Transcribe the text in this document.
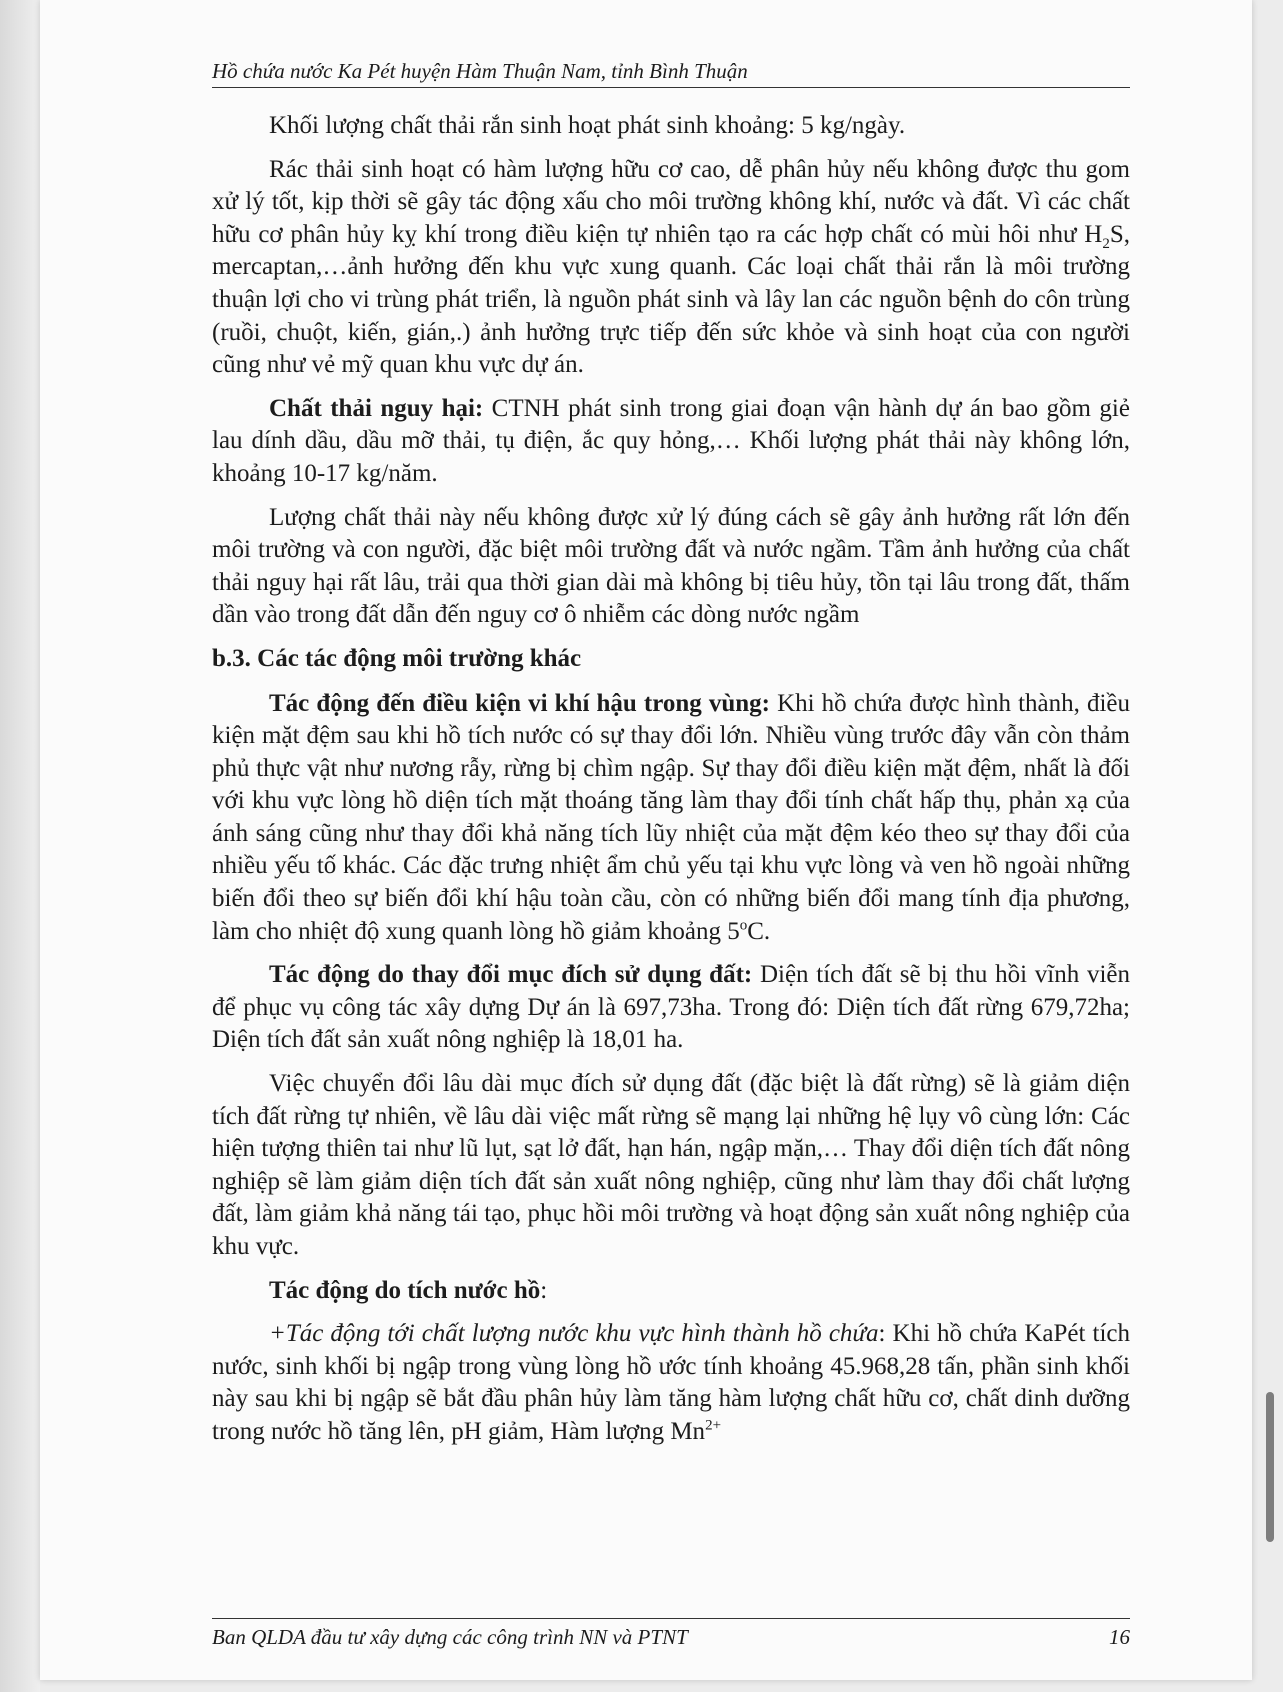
Hồ chứa nước Ka Pét huyện Hàm Thuận Nam, tỉnh Bình Thuận

Khối lượng chất thải rắn sinh hoạt phát sinh khoảng: 5 kg/ngày.

Rác thải sinh hoạt có hàm lượng hữu cơ cao, dễ phân hủy nếu không được thu gom xử lý tốt, kịp thời sẽ gây tác động xấu cho môi trường không khí, nước và đất. Vì các chất hữu cơ phân hủy kỵ khí trong điều kiện tự nhiên tạo ra các hợp chất có mùi hôi như $H_2S$, mercaptan,…ảnh hưởng đến khu vực xung quanh. Các loại chất thải rắn là môi trường thuận lợi cho vi trùng phát triển, là nguồn phát sinh và lây lan các nguồn bệnh do côn trùng (ruồi, chuột, kiến, gián,.) ảnh hưởng trực tiếp đến sức khỏe và sinh hoạt của con người cũng như vẻ mỹ quan khu vực dự án.

Chất thải nguy hại: CTNH phát sinh trong giai đoạn vận hành dự án bao gồm giẻ lau dính dầu, dầu mỡ thải, tụ điện, ắc quy hỏng,… Khối lượng phát thải này không lớn, khoảng 10-17 kg/năm.

Lượng chất thải này nếu không được xử lý đúng cách sẽ gây ảnh hưởng rất lớn đến môi trường và con người, đặc biệt môi trường đất và nước ngầm. Tầm ảnh hưởng của chất thải nguy hại rất lâu, trải qua thời gian dài mà không bị tiêu hủy, tồn tại lâu trong đất, thấm dần vào trong đất dẫn đến nguy cơ ô nhiễm các dòng nước ngầm

b.3. Các tác động môi trường khác

Tác động đến điều kiện vi khí hậu trong vùng: Khi hồ chứa được hình thành, điều kiện mặt đệm sau khi hồ tích nước có sự thay đổi lớn. Nhiều vùng trước đây vẫn còn thảm phủ thực vật như nương rẫy, rừng bị chìm ngập. Sự thay đổi điều kiện mặt đệm, nhất là đối với khu vực lòng hồ diện tích mặt thoáng tăng làm thay đổi tính chất hấp thụ, phản xạ của ánh sáng cũng như thay đổi khả năng tích lũy nhiệt của mặt đệm kéo theo sự thay đổi của nhiều yếu tố khác. Các đặc trưng nhiệt ẩm chủ yếu tại khu vực lòng và ven hồ ngoài những biến đổi theo sự biến đổi khí hậu toàn cầu, còn có những biến đổi mang tính địa phương, làm cho nhiệt độ xung quanh lòng hồ giảm khoảng 5$^o$C.

Tác động do thay đổi mục đích sử dụng đất: Diện tích đất sẽ bị thu hồi vĩnh viễn để phục vụ công tác xây dựng Dự án là 697,73ha. Trong đó: Diện tích đất rừng 679,72ha; Diện tích đất sản xuất nông nghiệp là 18,01 ha.

Việc chuyển đổi lâu dài mục đích sử dụng đất (đặc biệt là đất rừng) sẽ là giảm diện tích đất rừng tự nhiên, về lâu dài việc mất rừng sẽ mạng lại những hệ lụy vô cùng lớn: Các hiện tượng thiên tai như lũ lụt, sạt lở đất, hạn hán, ngập mặn,… Thay đổi diện tích đất nông nghiệp sẽ làm giảm diện tích đất sản xuất nông nghiệp, cũng như làm thay đổi chất lượng đất, làm giảm khả năng tái tạo, phục hồi môi trường và hoạt động sản xuất nông nghiệp của khu vực.

Tác động do tích nước hồ:

+Tác động tới chất lượng nước khu vực hình thành hồ chứa: Khi hồ chứa KaPét tích nước, sinh khối bị ngập trong vùng lòng hồ ước tính khoảng 45.968,28 tấn, phần sinh khối này sau khi bị ngập sẽ bắt đầu phân hủy làm tăng hàm lượng chất hữu cơ, chất dinh dưỡng trong nước hồ tăng lên, pH giảm, Hàm lượng $Mn^{2+}$

Ban QLDA đầu tư xây dựng các công trình NN và PTNT	16
